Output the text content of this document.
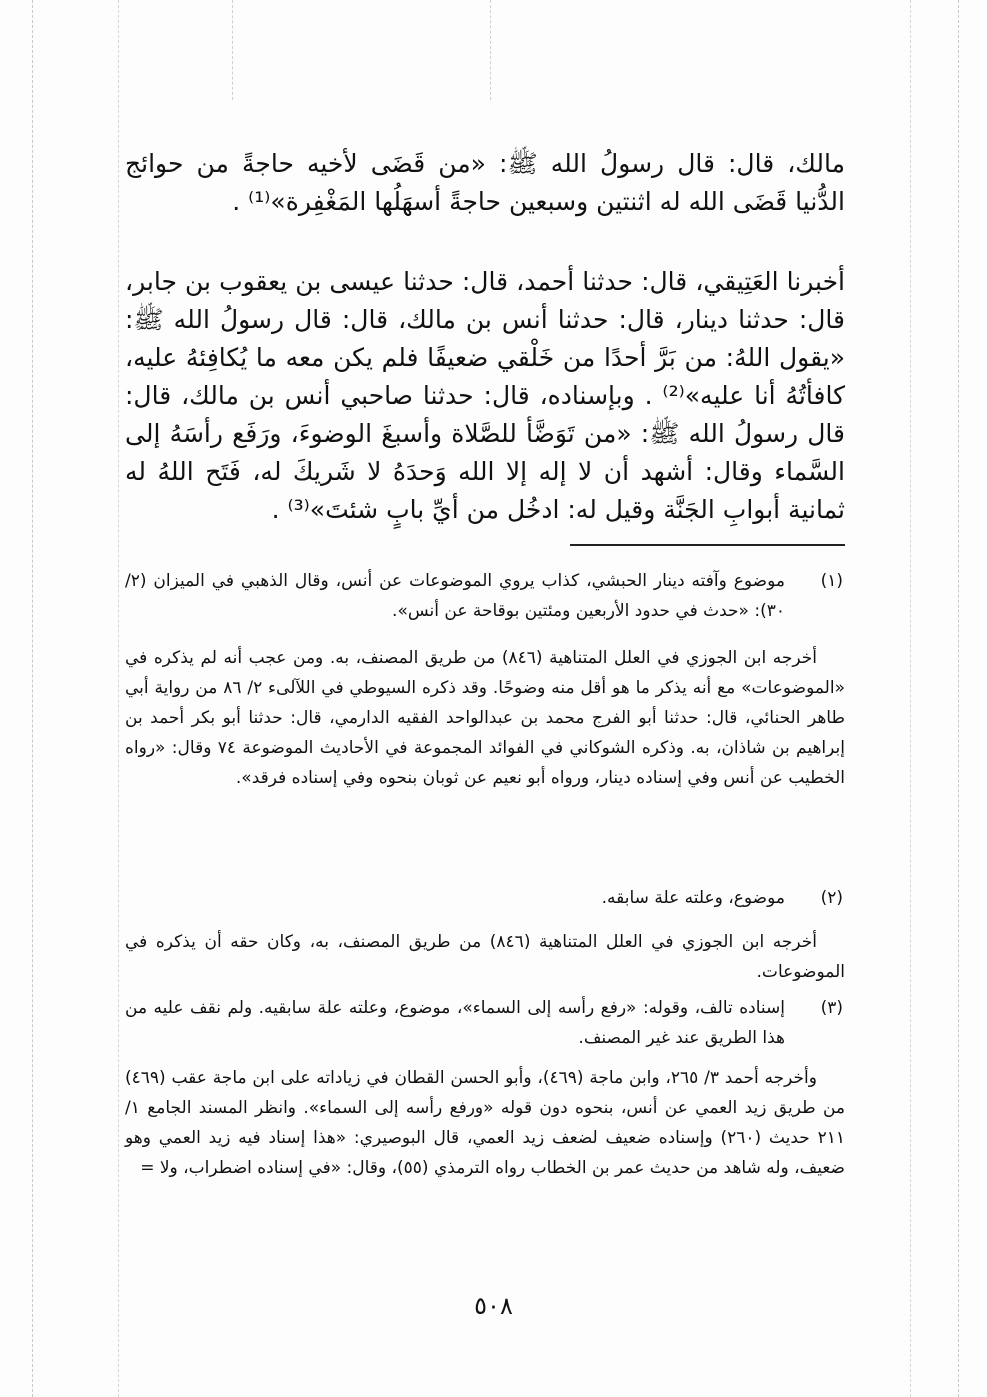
مالك، قال: قال رسولُ الله ﷺ: «من قَضَى لأخيه حاجةً من حوائج الدُّنيا قَضَى الله له اثنتين وسبعين حاجةً أسهَلُها المَغْفِرة»⁽¹⁾ .

أخبرنا العَتِيقي، قال: حدثنا أحمد، قال: حدثنا عيسى بن يعقوب بن جابر، قال: حدثنا دينار، قال: حدثنا أنس بن مالك، قال: قال رسولُ الله ﷺ: «يقول اللهُ: من بَرَّ أحدًا من خَلْقي ضعيفًا فلم يكن معه ما يُكافِئهُ عليه، كافأتُهُ أنا عليه»⁽²⁾ . وبإسناده، قال: حدثنا صاحبي أنس بن مالك، قال: قال رسولُ الله ﷺ: «من تَوَضَّأ للصَّلاة وأسبغَ الوضوءَ، ورَفَع رأسَهُ إلى السَّماء وقال: أشهد أن لا إله إلا الله وَحدَهُ لا شَريكَ له، فَتَح اللهُ له ثمانية أبوابِ الجَنَّة وقيل له: ادخُل من أيِّ بابٍ شئتَ»⁽³⁾ .

(١)
موضوع وآفته دينار الحبشي، كذاب يروي الموضوعات عن أنس، وقال الذهبي في الميزان (٢/ ٣٠): «حدث في حدود الأربعين ومئتين بوقاحة عن أنس».
أخرجه ابن الجوزي في العلل المتناهية (٨٤٦) من طريق المصنف، به. ومن عجب أنه لم يذكره في «الموضوعات» مع أنه يذكر ما هو أقل منه وضوحًا. وقد ذكره السيوطي في اللآلىء ٢/ ٨٦ من رواية أبي طاهر الحنائي، قال: حدثنا أبو الفرج محمد بن عبدالواحد الفقيه الدارمي، قال: حدثنا أبو بكر أحمد بن إبراهيم بن شاذان، به. وذكره الشوكاني في الفوائد المجموعة في الأحاديث الموضوعة ٧٤ وقال: «رواه الخطيب عن أنس وفي إسناده دينار، ورواه أبو نعيم عن ثوبان بنحوه وفي إسناده فرقد».
(٢)
موضوع، وعلته علة سابقه.
أخرجه ابن الجوزي في العلل المتناهية (٨٤٦) من طريق المصنف، به، وكان حقه أن يذكره في الموضوعات.
(٣)
إسناده تالف، وقوله: «رفع رأسه إلى السماء»، موضوع، وعلته علة سابقيه. ولم نقف عليه من هذا الطريق عند غير المصنف.
وأخرجه أحمد ٣/ ٢٦٥، وابن ماجة (٤٦٩)، وأبو الحسن القطان في زياداته على ابن ماجة عقب (٤٦٩) من طريق زيد العمي عن أنس، بنحوه دون قوله «ورفع رأسه إلى السماء». وانظر المسند الجامع ١/ ٢١١ حديث (٢٦٠) وإسناده ضعيف لضعف زيد العمي، قال البوصيري: «هذا إسناد فيه زيد العمي وهو ضعيف، وله شاهد من حديث عمر بن الخطاب رواه الترمذي (٥٥)، وقال: «في إسناده اضطراب، ولا =
٥٠٨
